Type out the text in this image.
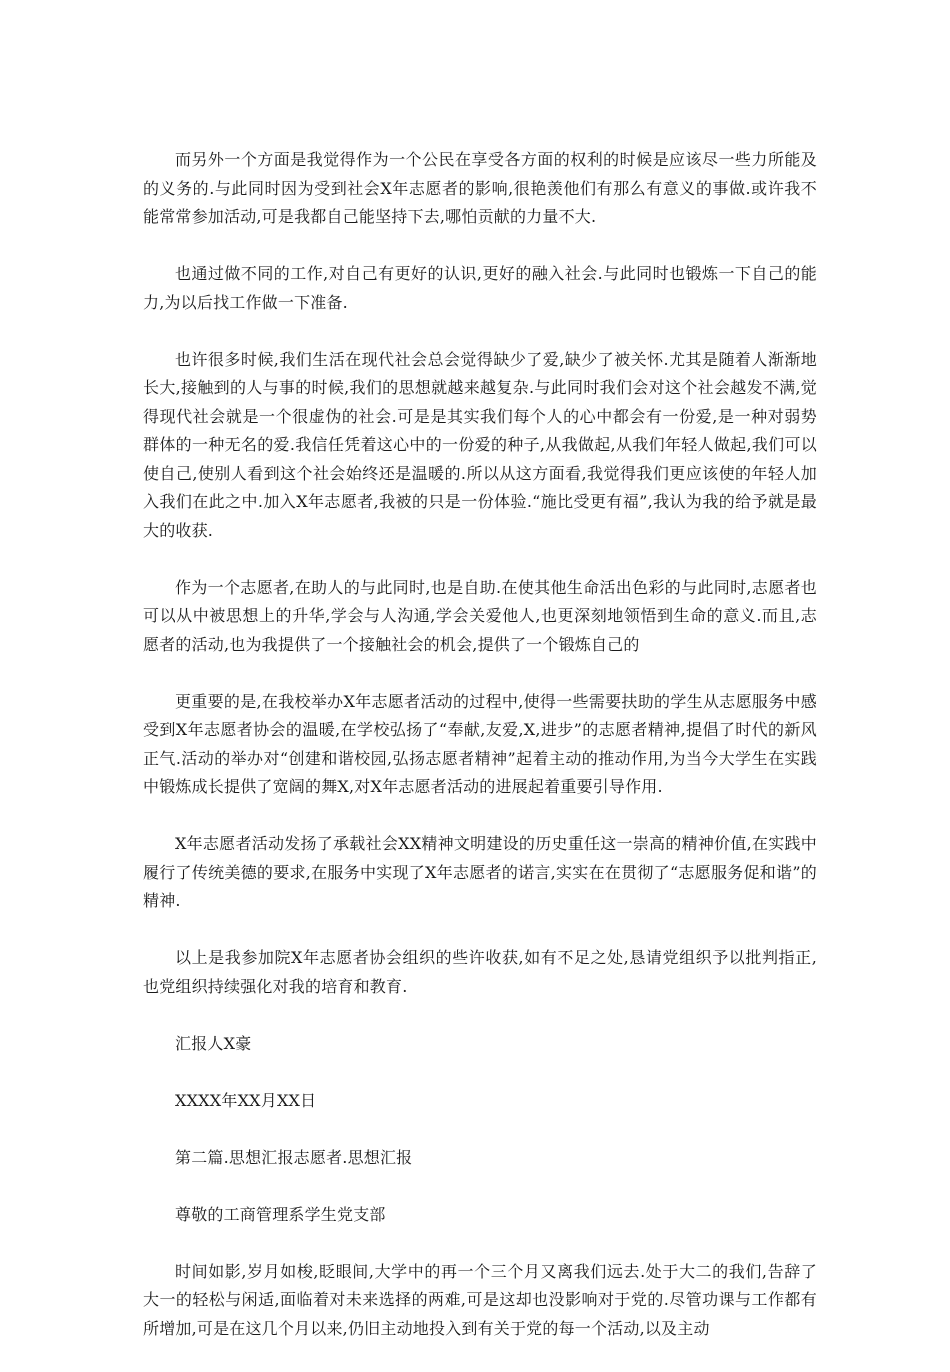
而另外一个方面是我觉得作为一个公民在享受各方面的权利的时候是应该尽一些力所能及的义务的.与此同时因为受到社会X年志愿者的影响,很艳羡他们有那么有意义的事做.或许我不能常常参加活动,可是我都自己能坚持下去,哪怕贡献的力量不大.

也通过做不同的工作,对自己有更好的认识,更好的融入社会.与此同时也锻炼一下自己的能力,为以后找工作做一下准备.

也许很多时候,我们生活在现代社会总会觉得缺少了爱,缺少了被关怀.尤其是随着人渐渐地长大,接触到的人与事的时候,我们的思想就越来越复杂.与此同时我们会对这个社会越发不满,觉得现代社会就是一个很虚伪的社会.可是是其实我们每个人的心中都会有一份爱,是一种对弱势群体的一种无名的爱.我信任凭着这心中的一份爱的种子,从我做起,从我们年轻人做起,我们可以使自己,使别人看到这个社会始终还是温暖的.所以从这方面看,我觉得我们更应该使的年轻人加入我们在此之中.加入X年志愿者,我被的只是一份体验.“施比受更有福”,我认为我的给予就是最大的收获.

作为一个志愿者,在助人的与此同时,也是自助.在使其他生命活出色彩的与此同时,志愿者也可以从中被思想上的升华,学会与人沟通,学会关爱他人,也更深刻地领悟到生命的意义.而且,志愿者的活动,也为我提供了一个接触社会的机会,提供了一个锻炼自己的

更重要的是,在我校举办X年志愿者活动的过程中,使得一些需要扶助的学生从志愿服务中感受到X年志愿者协会的温暖,在学校弘扬了“奉献,友爱,X,进步”的志愿者精神,提倡了时代的新风正气.活动的举办对“创建和谐校园,弘扬志愿者精神”起着主动的推动作用,为当今大学生在实践中锻炼成长提供了宽阔的舞X,对X年志愿者活动的进展起着重要引导作用.

X年志愿者活动发扬了承载社会XX精神文明建设的历史重任这一崇高的精神价值,在实践中履行了传统美德的要求,在服务中实现了X年志愿者的诺言,实实在在贯彻了“志愿服务促和谐”的精神.

以上是我参加院X年志愿者协会组织的些许收获,如有不足之处,恳请党组织予以批判指正,也党组织持续强化对我的培育和教育.

汇报人X豪

XXXX年XX月XX日

第二篇.思想汇报志愿者.思想汇报

尊敬的工商管理系学生党支部

时间如影,岁月如梭,眨眼间,大学中的再一个三个月又离我们远去.处于大二的我们,告辞了大一的轻松与闲适,面临着对未来选择的两难,可是这却也没影响对于党的.尽管功课与工作都有所增加,可是在这几个月以来,仍旧主动地投入到有关于党的每一个活动,以及主动
